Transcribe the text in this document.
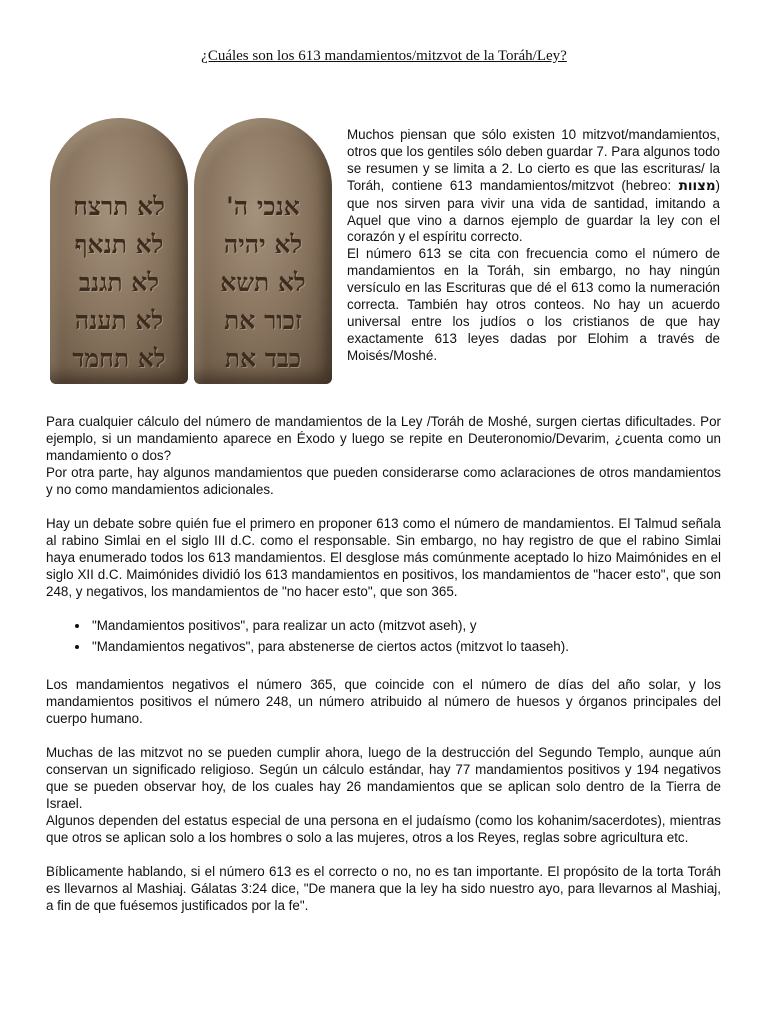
¿Cuáles son los 613 mandamientos/mitzvot de la Toráh/Ley?
לא תרצח
לא תנאף
לא תגנב
לא תענה
לא תחמד
אנכי ה'
לא יהיה
לא תשא
זכור את
כבד את

Muchos piensan que sólo existen 10 mitzvot/mandamientos, otros que los gentiles sólo deben guardar 7. Para algunos todo se resumen y se limita a 2. Lo cierto es que las escrituras/ la Toráh, contiene 613 mandamientos/mitzvot (hebreo: מצוות) que nos sirven para vivir una vida de santidad, imitando a Aquel que vino a darnos ejemplo de guardar la ley con el corazón y el espíritu correcto.

El número 613 se cita con frecuencia como el número de mandamientos en la Toráh, sin embargo, no hay ningún versículo en las Escrituras que dé el 613 como la numeración correcta. También hay otros conteos. No hay un acuerdo universal entre los judíos o los cristianos de que hay exactamente 613 leyes dadas por Elohim a través de Moisés/Moshé.

Para cualquier cálculo del número de mandamientos de la Ley /Toráh de Moshé, surgen ciertas dificultades. Por ejemplo, si un mandamiento aparece en Éxodo y luego se repite en Deuteronomio/Devarim, ¿cuenta como un mandamiento o dos?

Por otra parte, hay algunos mandamientos que pueden considerarse como aclaraciones de otros mandamientos y no como mandamientos adicionales.

Hay un debate sobre quién fue el primero en proponer 613 como el número de mandamientos. El Talmud señala al rabino Simlai en el siglo III d.C. como el responsable. Sin embargo, no hay registro de que el rabino Simlai haya enumerado todos los 613 mandamientos. El desglose más comúnmente aceptado lo hizo Maimónides en el siglo XII d.C. Maimónides dividió los 613 mandamientos en positivos, los mandamientos de "hacer esto", que son 248, y negativos, los mandamientos de "no hacer esto", que son 365.

• "Mandamientos positivos", para realizar un acto (mitzvot aseh), y
• "Mandamientos negativos", para abstenerse de ciertos actos (mitzvot lo taaseh).

Los mandamientos negativos el número 365, que coincide con el número de días del año solar, y los mandamientos positivos el número 248, un número atribuido al número de huesos y órganos principales del cuerpo humano.

Muchas de las mitzvot no se pueden cumplir ahora, luego de la destrucción del Segundo Templo, aunque aún conservan un significado religioso. Según un cálculo estándar, hay 77 mandamientos positivos y 194 negativos que se pueden observar hoy, de los cuales hay 26 mandamientos que se aplican solo dentro de la Tierra de Israel.

Algunos dependen del estatus especial de una persona en el judaísmo (como los kohanim/sacerdotes), mientras que otros se aplican solo a los hombres o solo a las mujeres, otros a los Reyes, reglas sobre agricultura etc.

Bíblicamente hablando, si el número 613 es el correcto o no, no es tan importante. El propósito de la torta Toráh es llevarnos al Mashiaj. Gálatas 3:24 dice, "De manera que la ley ha sido nuestro ayo, para llevarnos al Mashiaj, a fin de que fuésemos justificados por la fe".
